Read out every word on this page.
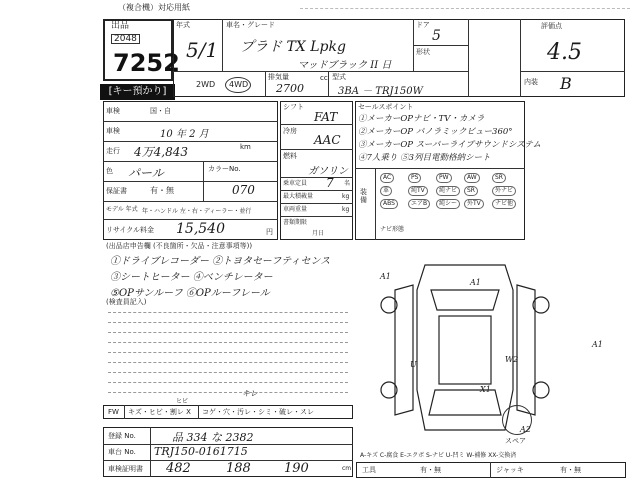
（複合機）対応用紙
出品
2048
7252
[キー預かり]
年式
5/1
車名・グレード
プラド TX Lpkg
マッドブラック II 日
ドア
5
形状
2WD 4WD
排気量
2700
cc 型式
3BA － TRJ150W
評価点
4.5
内装 B
車検	国・自
車検	10 年 2 月
走行 4万4,843	km
色 パール	カラーNo.
保証書	有・無	070
モデル 年式 年・ハンドル 左・右・ディーラー・並行
リサイクル料金 15,540	円
シフト
FAT
冷房
AAC
燃料
ガソリン
乗車定員 7 名
最大積載量	kg
車両重量	kg
書類期限
月日
セールスポイント
①メーカーOPナビ・TV・カメラ
②メーカーOP パノラミックビュー360°
③メーカーOP スーパーライブサウンドシステム
④7人乗り ⑤3列目電動格納シート
装備
ナビ形態
(出品店申告欄 (不良箇所・欠品・注意事項等))
①ドライブレコーダー ②トヨタセーフティセンス
③シートヒーター ④ベンチレーター
⑤OPサンルーフ ⑥OPルーフレール
(検査員記入)
FW キズ・ヒビ・割レ X
ヒビ
コゲ・穴・汚レ・シミ・破レ・スレ
キレ
登録 No.	品 334 な 2382
車台 No. TRJ150-0161715
車検証明書 482	188	190	cm
A1
A1
U
X1
W2
A1
A2
スペア
A-キズ C-腐食 E-エクボ S-ナビ U-凹ミ W-補修 XX-交換済
工具	有・無	ジャッキ	有・無
AC	PS	PW	AW	SR
革	純TV	純ナビ	SR	外ナビ
ABS	エアB	純シー	外TV	ナビ他
